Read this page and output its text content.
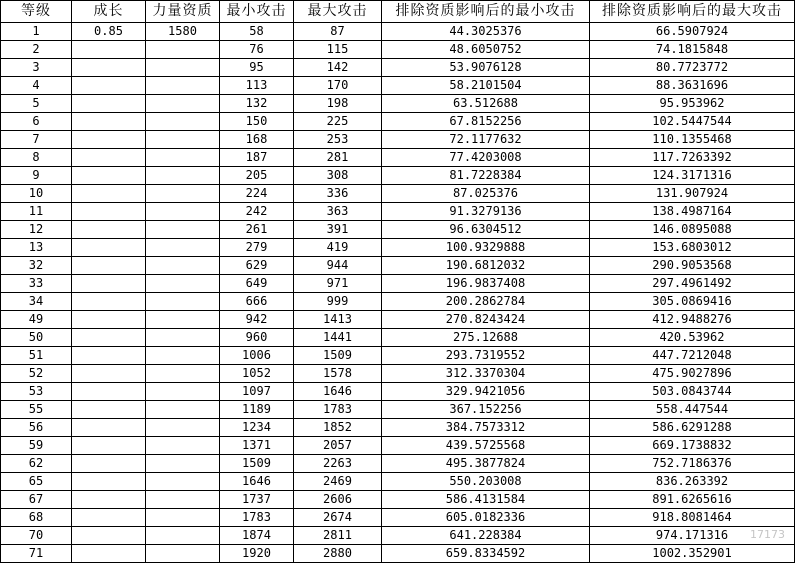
等级	成长	力量资质	最小攻击	最大攻击	排除资质影响后的最小攻击	排除资质影响后的最大攻击
1	0.85	1580	58	87	44.3025376	66.5907924
2			76	115	48.6050752	74.1815848
3			95	142	53.9076128	80.7723772
4			113	170	58.2101504	88.3631696
5			132	198	63.512688	95.953962
6			150	225	67.8152256	102.5447544
7			168	253	72.1177632	110.1355468
8			187	281	77.4203008	117.7263392
9			205	308	81.7228384	124.3171316
10			224	336	87.025376	131.907924
11			242	363	91.3279136	138.4987164
12			261	391	96.6304512	146.0895088
13			279	419	100.9329888	153.6803012
32			629	944	190.6812032	290.9053568
33			649	971	196.9837408	297.4961492
34			666	999	200.2862784	305.0869416
49			942	1413	270.8243424	412.9488276
50			960	1441	275.12688	420.53962
51			1006	1509	293.7319552	447.7212048
52			1052	1578	312.3370304	475.9027896
53			1097	1646	329.9421056	503.0843744
55			1189	1783	367.152256	558.447544
56			1234	1852	384.7573312	586.6291288
59			1371	2057	439.5725568	669.1738832
62			1509	2263	495.3877824	752.7186376
65			1646	2469	550.203008	836.263392
67			1737	2606	586.4131584	891.6265616
68			1783	2674	605.0182336	918.8081464
70			1874	2811	641.228384	974.171316
71			1920	2880	659.8334592	1002.352901
17173
